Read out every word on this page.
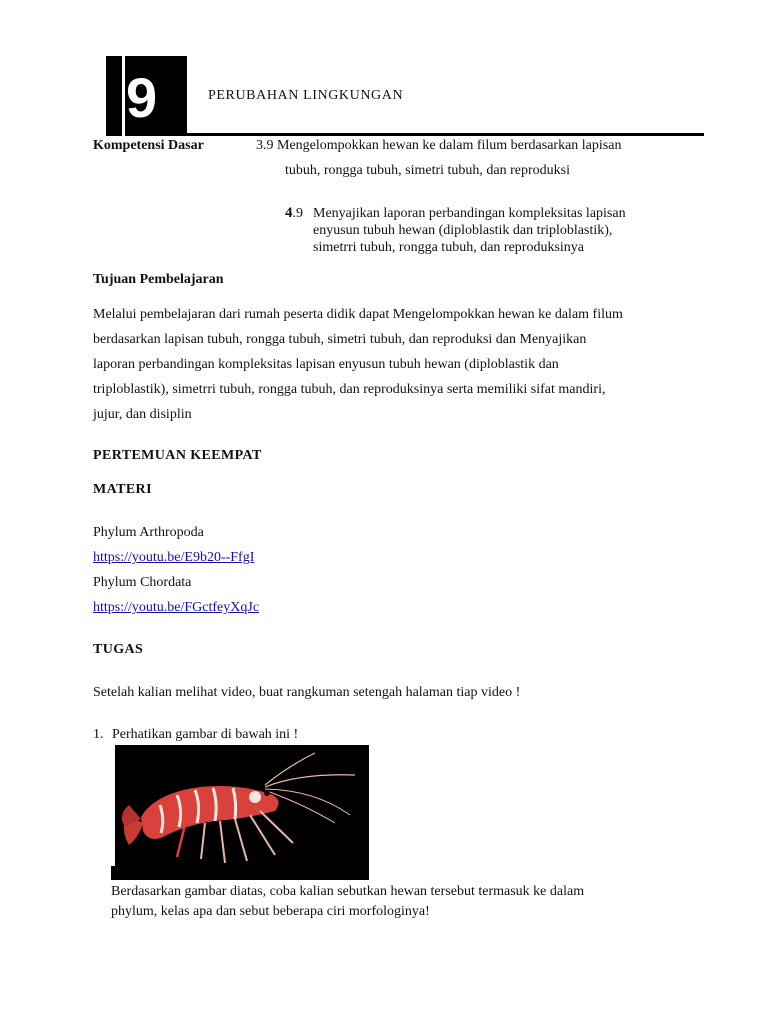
9	PERUBAHAN LINGKUNGAN
Kompetensi Dasar	3.9 Mengelompokkan hewan ke dalam filum berdasarkan lapisan
tubuh, rongga tubuh, simetri tubuh, dan reproduksi
4.9 Menyajikan laporan perbandingan kompleksitas lapisan
enyusun tubuh hewan (diploblastik dan triploblastik),
simetrri tubuh, rongga tubuh, dan reproduksinya
Tujuan Pembelajaran
Melalui pembelajaran dari rumah peserta didik dapat Mengelompokkan hewan ke dalam filum
berdasarkan lapisan tubuh, rongga tubuh, simetri tubuh, dan reproduksi dan Menyajikan
laporan perbandingan kompleksitas lapisan enyusun tubuh hewan (diploblastik dan
triploblastik), simetrri tubuh, rongga tubuh, dan reproduksinya serta memiliki sifat mandiri,
jujur, dan disiplin
PERTEMUAN KEEMPAT
MATERI
Phylum Arthropoda
https://youtu.be/E9b20--FfgI
Phylum Chordata
https://youtu.be/FGctfeyXqJc
TUGAS
Setelah kalian melihat video, buat rangkuman setengah halaman tiap video !
1. Perhatikan gambar di bawah ini !
Berdasarkan gambar diatas, coba kalian sebutkan hewan tersebut termasuk ke dalam
phylum, kelas apa dan sebut beberapa ciri morfologinya!
